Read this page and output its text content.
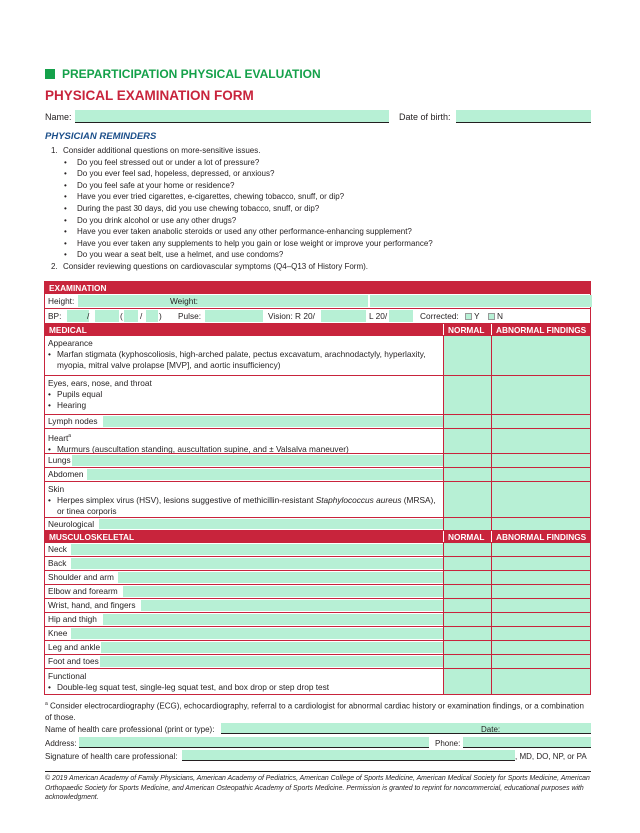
PREPARTICIPATION PHYSICAL EVALUATION
PHYSICAL EXAMINATION FORM
Name:	Date of birth:
PHYSICIAN REMINDERS
1. Consider additional questions on more-sensitive issues.
•	Do you feel stressed out or under a lot of pressure?
•	Do you ever feel sad, hopeless, depressed, or anxious?
•	Do you feel safe at your home or residence?
•	Have you ever tried cigarettes, e-cigarettes, chewing tobacco, snuff, or dip?
•	During the past 30 days, did you use chewing tobacco, snuff, or dip?
•	Do you drink alcohol or use any other drugs?
•	Have you ever taken anabolic steroids or used any other performance-enhancing supplement?
•	Have you ever taken any supplements to help you gain or lose weight or improve your performance?
•	Do you wear a seat belt, use a helmet, and use condoms?
2. Consider reviewing questions on cardiovascular symptoms (Q4–Q13 of History Form).
EXAMINATION
Height:	Weight:
BP:	/	( / ) Pulse:	Vision: R 20/	L 20/	Corrected:	Y	N
MEDICAL	NORMAL	ABNORMAL FINDINGS
Appearance
• Marfan stigmata (kyphoscoliosis, high-arched palate, pectus excavatum, arachnodactyly, hyperlaxity, myopia, mitral valve prolapse [MVP], and aortic insufficiency)
Eyes, ears, nose, and throat
• Pupils equal
• Hearing
Lymph nodes
Heart$^a$
• Murmurs (auscultation standing, auscultation supine, and ± Valsalva maneuver)
Lungs
Abdomen
Skin
• Herpes simplex virus (HSV), lesions suggestive of methicillin-resistant Staphylococcus aureus (MRSA), or tinea corporis
Neurological
MUSCULOSKELETAL	NORMAL	ABNORMAL FINDINGS
Neck
Back
Shoulder and arm
Elbow and forearm
Wrist, hand, and fingers
Hip and thigh
Knee
Leg and ankle
Foot and toes
Functional
• Double-leg squat test, single-leg squat test, and box drop or step drop test
$^a$ Consider electrocardiography (ECG), echocardiography, referral to a cardiologist for abnormal cardiac history or examination findings, or a combination of those.
Name of health care professional (print or type):	Date:
Address:	Phone:
Signature of health care professional:	, MD, DO, NP, or PA
© 2019 American Academy of Family Physicians, American Academy of Pediatrics, American College of Sports Medicine, American Medical Society for Sports Medicine, American Orthopaedic Society for Sports Medicine, and American Osteopathic Academy of Sports Medicine. Permission is granted to reprint for noncommercial, educational purposes with acknowledgment.
